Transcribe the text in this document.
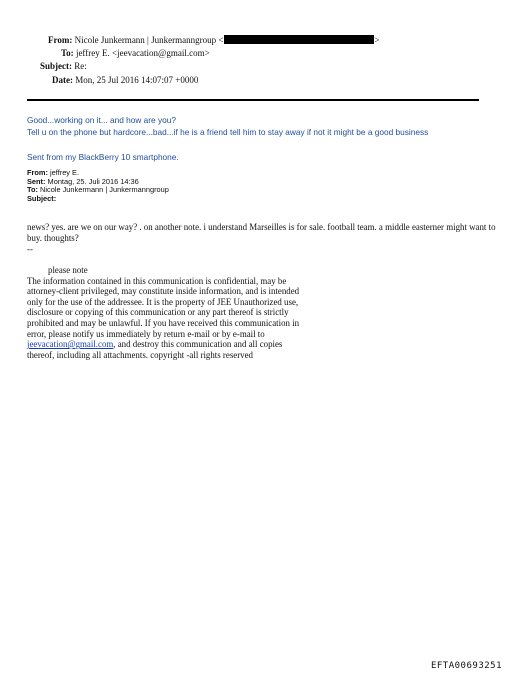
From: Nicole Junkermann | Junkermanngroup <	>
To: jeffrey E. <jeevacation@gmail.com>
Subject: Re:
Date: Mon, 25 Jul 2016 14:07:07 +0000
Good...working on it... and how are you?
Tell u on the phone but hardcore...bad...if he is a friend tell him to stay away if not it might be a good business
Sent from my BlackBerry 10 smartphone.
From: jeffrey E.
Sent: Montag, 25. Juli 2016 14:36
To: Nicole Junkermann | Junkermanngroup
Subject:
news? yes. are we on our way? . on another note. i understand Marseilles is for sale. football team. a middle easterner might want to buy. thoughts?
--
please note
The information contained in this communication is confidential, may be attorney-client privileged, may constitute inside information, and is intended only for the use of the addressee. It is the property of JEE Unauthorized use, disclosure or copying of this communication or any part thereof is strictly prohibited and may be unlawful. If you have received this communication in error, please notify us immediately by return e-mail or by e-mail to jeevacation@gmail.com, and destroy this communication and all copies thereof, including all attachments. copyright -all rights reserved
EFTA00693251
